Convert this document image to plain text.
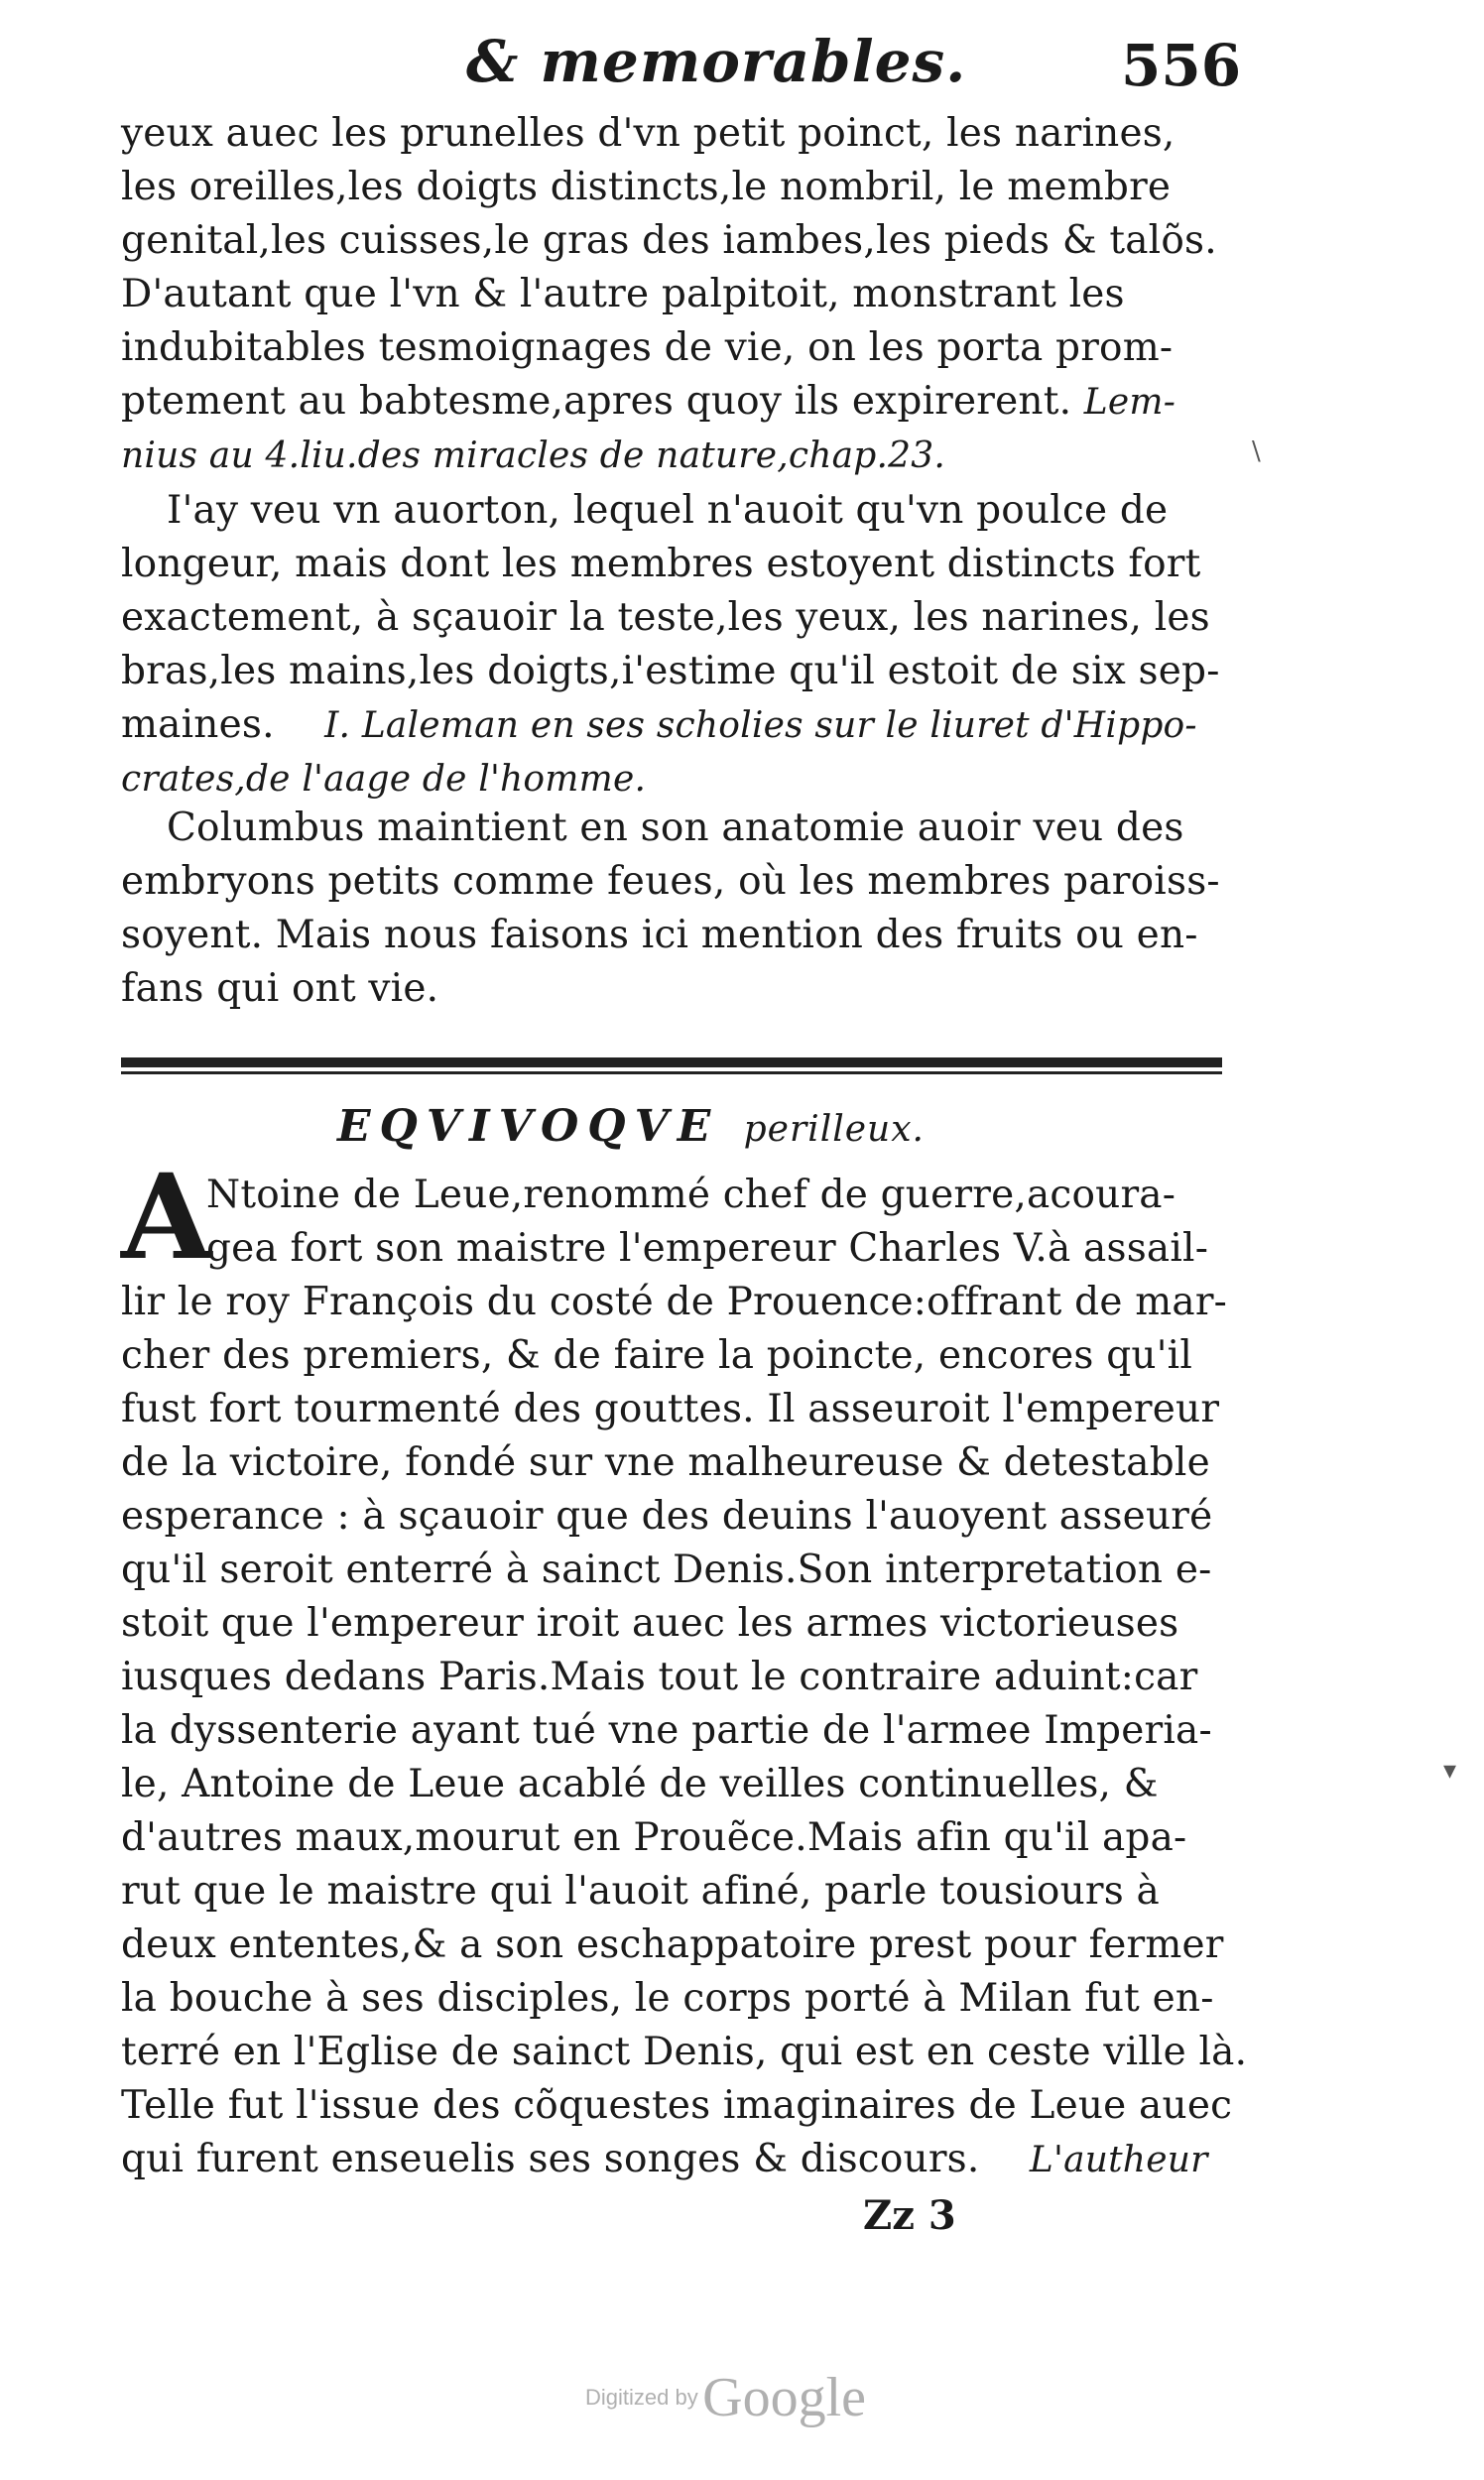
& memorables.	556
yeux auec les prunelles d'vn petit poinct, les narines,
les oreilles,les doigts distincts,le nombril, le membre
genital,les cuisses,le gras des iambes,les pieds & talõs.
D'autant que l'vn & l'autre palpitoit, monstrant les
indubitables tesmoignages de vie, on les porta prom-
ptement au babtesme,apres quoy ils expirerent. Lem-
nius au 4.liu.des miracles de nature,chap.23.
I'ay veu vn auorton, lequel n'auoit qu'vn poulce de
longeur, mais dont les membres estoyent distincts fort
exactement, à sçauoir la teste,les yeux, les narines, les
bras,les mains,les doigts,i'estime qu'il estoit de six sep-
maines. I. Laleman en ses scholies sur le liuret d'Hippo-
crates,de l'aage de l'homme.
Columbus maintient en son anatomie auoir veu des
embryons petits comme feues, où les membres paroiss-
soyent. Mais nous faisons ici mention des fruits ou en-
fans qui ont vie.
EQVIVOQVE perilleux.
A
Ntoine de Leue,renommé chef de guerre,acoura-
gea fort son maistre l'empereur Charles V.à assail-
lir le roy François du costé de Prouence:offrant de mar-
cher des premiers, & de faire la poincte, encores qu'il
fust fort tourmenté des gouttes. Il asseuroit l'empereur
de la victoire, fondé sur vne malheureuse & detestable
esperance : à sçauoir que des deuins l'auoyent asseuré
qu'il seroit enterré à sainct Denis.Son interpretation e-
stoit que l'empereur iroit auec les armes victorieuses
iusques dedans Paris.Mais tout le contraire aduint:car
la dyssenterie ayant tué vne partie de l'armee Imperia-
le, Antoine de Leue acablé de veilles continuelles, &
d'autres maux,mourut en Prouẽce.Mais afin qu'il apa-
rut que le maistre qui l'auoit afiné, parle tousiours à
deux ententes,& a son eschappatoire prest pour fermer
la bouche à ses disciples, le corps porté à Milan fut en-
terré en l'Eglise de sainct Denis, qui est en ceste ville là.
Telle fut l'issue des cõquestes imaginaires de Leue auec
qui furent enseuelis ses songes & discours. L'autheur
Zz 3
\
▾
Digitized by Google
